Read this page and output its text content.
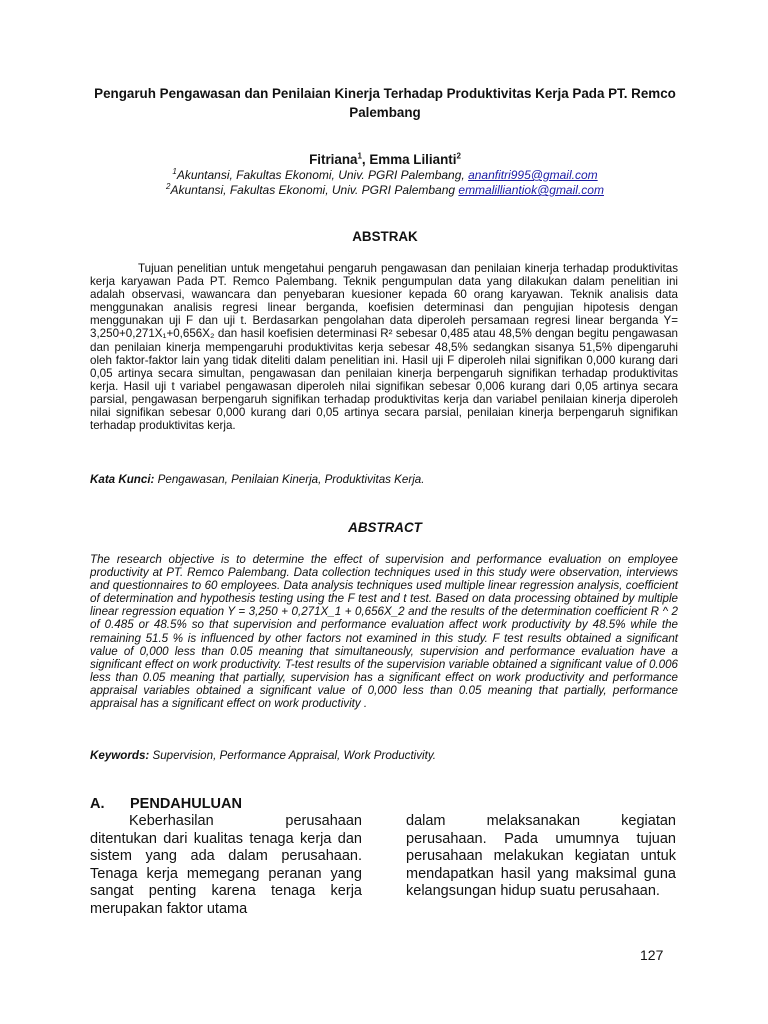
Pengaruh Pengawasan dan Penilaian Kinerja Terhadap Produktivitas Kerja Pada PT. Remco Palembang
Fitriana$^1$, Emma Lilianti$^2$
$^1$Akuntansi, Fakultas Ekonomi, Univ. PGRI Palembang, ananfitri995@gmail.com
$^2$Akuntansi, Fakultas Ekonomi, Univ. PGRI Palembang emmalilliantiok@gmail.com
ABSTRAK
Tujuan penelitian untuk mengetahui pengaruh pengawasan dan penilaian kinerja terhadap produktivitas kerja karyawan Pada PT. Remco Palembang. Teknik pengumpulan data yang dilakukan dalam penelitian ini adalah observasi, wawancara dan penyebaran kuesioner kepada 60 orang karyawan. Teknik analisis data menggunakan analisis regresi linear berganda, koefisien determinasi dan pengujian hipotesis dengan menggunakan uji F dan uji t. Berdasarkan pengolahan data diperoleh persamaan regresi linear berganda Y= 3,250+0,271X₁+0,656X₂ dan hasil koefisien determinasi R² sebesar 0,485 atau 48,5% dengan begitu pengawasan dan penilaian kinerja mempengaruhi produktivitas kerja sebesar 48,5% sedangkan sisanya 51,5% dipengaruhi oleh faktor-faktor lain yang tidak diteliti dalam penelitian ini. Hasil uji F diperoleh nilai signifikan 0,000 kurang dari 0,05 artinya secara simultan, pengawasan dan penilaian kinerja berpengaruh signifikan terhadap produktivitas kerja. Hasil uji t variabel pengawasan diperoleh nilai signifikan sebesar 0,006 kurang dari 0,05 artinya secara parsial, pengawasan berpengaruh signifikan terhadap produktivitas kerja dan variabel penilaian kinerja diperoleh nilai signifikan sebesar 0,000 kurang dari 0,05 artinya secara parsial, penilaian kinerja berpengaruh signifikan terhadap produktivitas kerja.
Kata Kunci: Pengawasan, Penilaian Kinerja, Produktivitas Kerja.
ABSTRACT
The research objective is to determine the effect of supervision and performance evaluation on employee productivity at PT. Remco Palembang. Data collection techniques used in this study were observation, interviews and questionnaires to 60 employees. Data analysis techniques used multiple linear regression analysis, coefficient of determination and hypothesis testing using the F test and t test. Based on data processing obtained by multiple linear regression equation Y = 3,250 + 0,271X_1 + 0,656X_2 and the results of the determination coefficient R ^ 2 of 0.485 or 48.5% so that supervision and performance evaluation affect work productivity by 48.5% while the remaining 51.5 % is influenced by other factors not examined in this study. F test results obtained a significant value of 0,000 less than 0.05 meaning that simultaneously, supervision and performance evaluation have a significant effect on work productivity. T-test results of the supervision variable obtained a significant value of 0.006 less than 0.05 meaning that partially, supervision has a significant effect on work productivity and performance appraisal variables obtained a significant value of 0,000 less than 0.05 meaning that partially, performance appraisal has a significant effect on work productivity .
Keywords: Supervision, Performance Appraisal, Work Productivity.
A. PENDAHULUAN
Keberhasilan perusahaan ditentukan dari kualitas tenaga kerja dan sistem yang ada dalam perusahaan. Tenaga kerja memegang peranan yang sangat penting karena tenaga kerja merupakan faktor utama
dalam melaksanakan kegiatan perusahaan. Pada umumnya tujuan perusahaan melakukan kegiatan untuk mendapatkan hasil yang maksimal guna kelangsungan hidup suatu perusahaan.
127
